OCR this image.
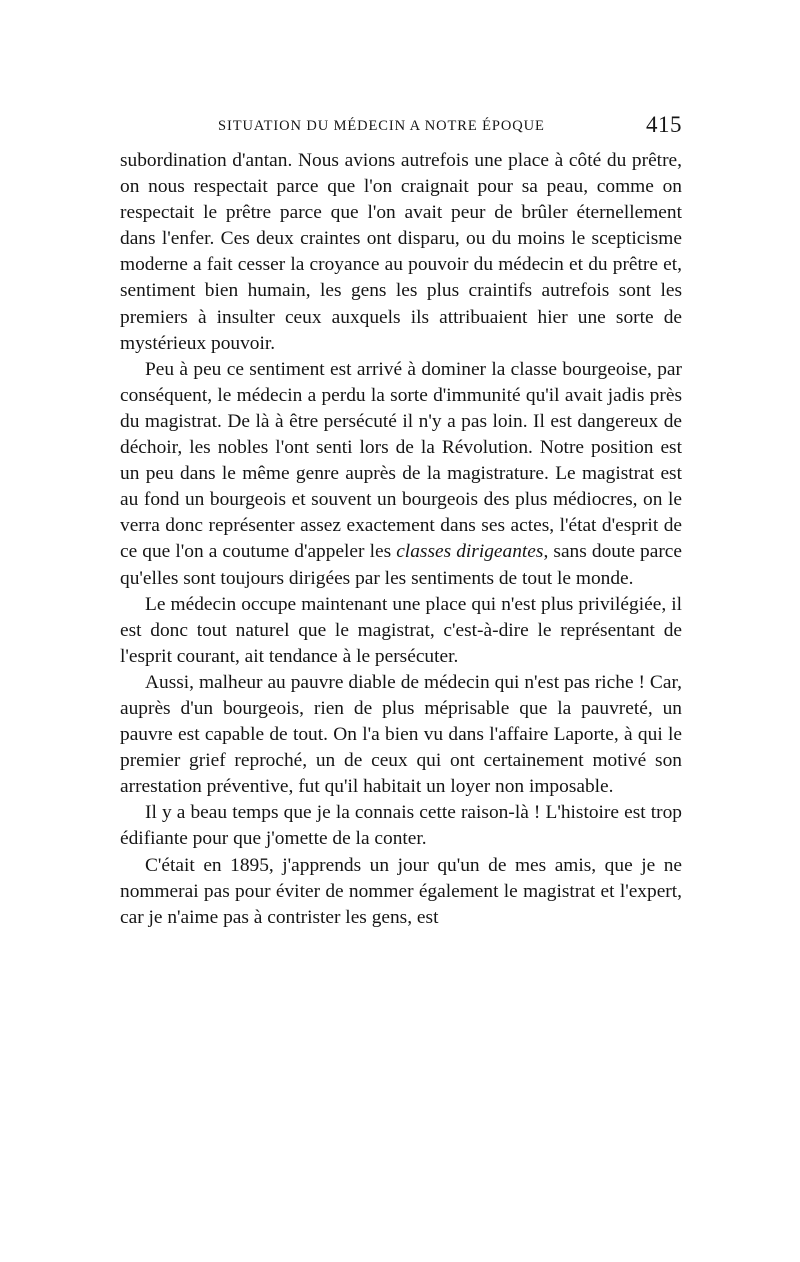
SITUATION DU MÉDECIN A NOTRE ÉPOQUE	415

subordination d'antan. Nous avions autrefois une place à côté du prêtre, on nous respectait parce que l'on craignait pour sa peau, comme on respectait le prêtre parce que l'on avait peur de brûler éternellement dans l'enfer. Ces deux craintes ont disparu, ou du moins le scepticisme moderne a fait cesser la croyance au pouvoir du médecin et du prêtre et, sentiment bien humain, les gens les plus craintifs autrefois sont les premiers à insulter ceux auxquels ils attribuaient hier une sorte de mystérieux pouvoir.

Peu à peu ce sentiment est arrivé à dominer la classe bourgeoise, par conséquent, le médecin a perdu la sorte d'immunité qu'il avait jadis près du magistrat. De là à être persécuté il n'y a pas loin. Il est dangereux de déchoir, les nobles l'ont senti lors de la Révolution. Notre position est un peu dans le même genre auprès de la magistrature. Le magistrat est au fond un bourgeois et souvent un bourgeois des plus médiocres, on le verra donc représenter assez exactement dans ses actes, l'état d'esprit de ce que l'on a coutume d'appeler les classes dirigeantes, sans doute parce qu'elles sont toujours dirigées par les sentiments de tout le monde.

Le médecin occupe maintenant une place qui n'est plus privilégiée, il est donc tout naturel que le magistrat, c'est-à-dire le représentant de l'esprit courant, ait tendance à le persécuter.

Aussi, malheur au pauvre diable de médecin qui n'est pas riche ! Car, auprès d'un bourgeois, rien de plus méprisable que la pauvreté, un pauvre est capable de tout. On l'a bien vu dans l'affaire Laporte, à qui le premier grief reproché, un de ceux qui ont certainement motivé son arrestation préventive, fut qu'il habitait un loyer non imposable.

Il y a beau temps que je la connais cette raison-là ! L'histoire est trop édifiante pour que j'omette de la conter.

C'était en 1895, j'apprends un jour qu'un de mes amis, que je ne nommerai pas pour éviter de nommer également le magistrat et l'expert, car je n'aime pas à contrister les gens, est
